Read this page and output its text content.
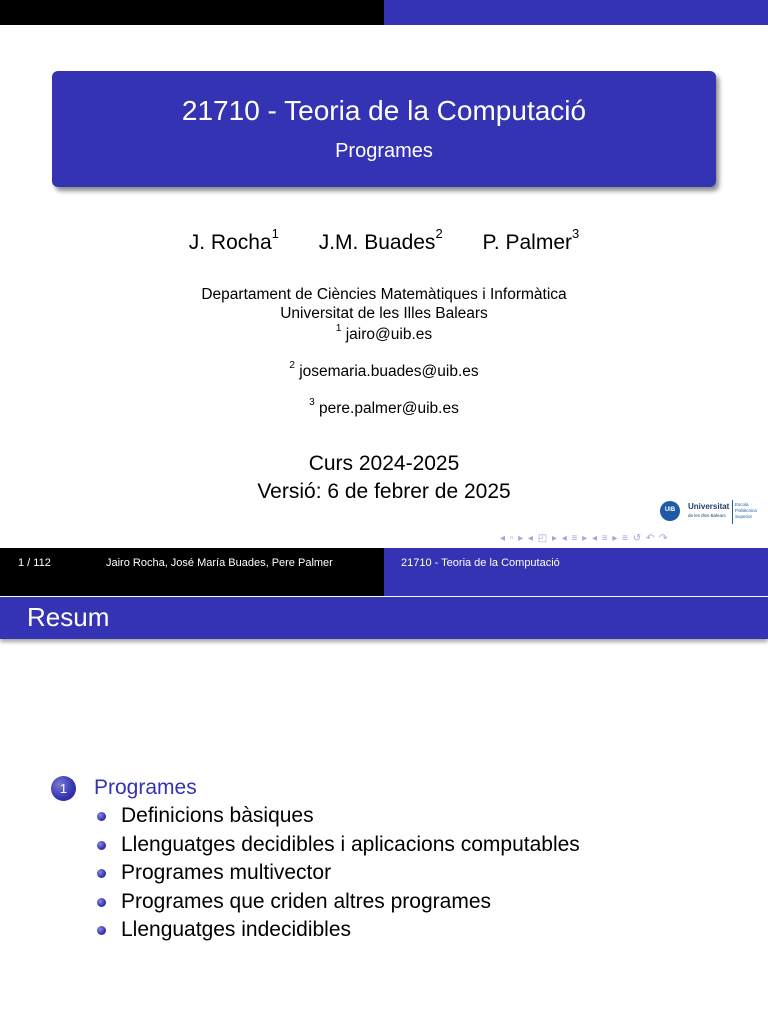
21710 - Teoria de la Computació
Programes
J. Rocha$^1$ J.M. Buades$^2$ P. Palmer$^3$
Departament de Ciències Matemàtiques i Informàtica
Universitat de les Illes Balears
$^1$ jairo@uib.es
$^2$ josemaria.buades@uib.es
$^3$ pere.palmer@uib.es
Curs 2024-2025
Versió: 6 de febrer de 2025
UIB	Universitat
de les Illes Balears
Escola Politècnica Superior
◂ ▫ ▸ ◂ ◰ ▸ ◂ ≡ ▸ ◂ ≡ ▸ ≡ ↺ ↶ ↷
1 / 112	Jairo Rocha, José María Buades, Pere Palmer	21710 - Teoria de la Computació
Resum
1	Programes
Definicions bàsiques
Llenguatges decidibles i aplicacions computables
Programes multivector
Programes que criden altres programes
Llenguatges indecidibles
